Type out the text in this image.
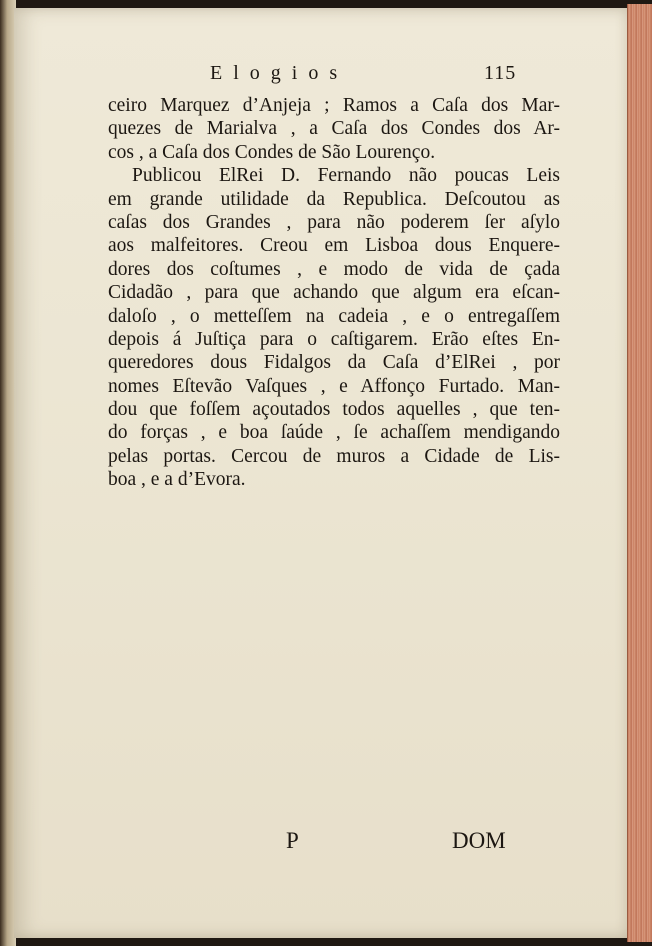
Elogios	115
ceiro Marquez d’Anjeja ; Ramos a Caſa dos Mar-
quezes de Marialva , a Caſa dos Condes dos Ar-
cos , a Caſa dos Condes de São Lourenço.
Publicou ElRei D. Fernando não poucas Leis
em grande utilidade da Republica. Deſcoutou as
caſas dos Grandes , para não poderem ſer aſylo
aos malfeitores. Creou em Lisboa dous Enquere-
dores dos coſtumes , e modo de vida de çada
Cidadão , para que achando que algum era eſcan-
daloſo , o metteſſem na cadeia , e o entregaſſem
depois á Juſtiça para o caſtigarem. Erão eſtes En-
queredores dous Fidalgos da Caſa d’ElRei , por
nomes Eſtevão Vaſques , e Affonço Furtado. Man-
dou que foſſem açoutados todos aquelles , que ten-
do forças , e boa ſaúde , ſe achaſſem mendigando
pelas portas. Cercou de muros a Cidade de Lis-
boa , e a d’Evora.
P	DOM
